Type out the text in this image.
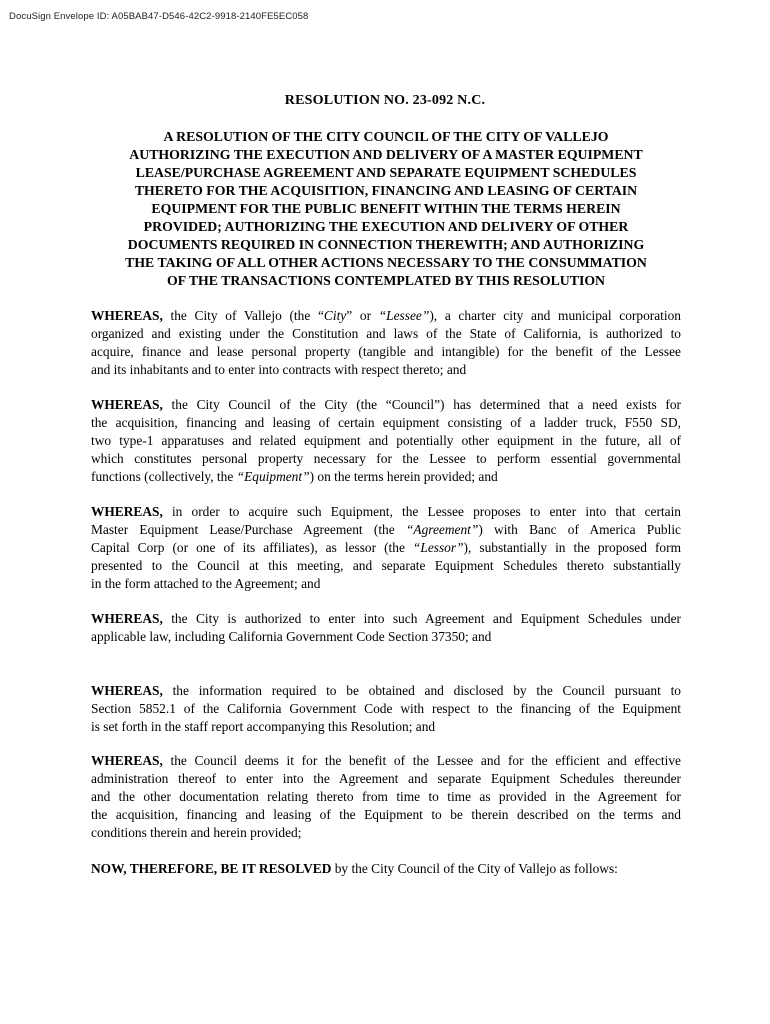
DocuSign Envelope ID: A05BAB47-D546-42C2-9918-2140FE5EC058
RESOLUTION NO. 23-092 N.C.
A RESOLUTION OF THE CITY COUNCIL OF THE CITY OF VALLEJO
AUTHORIZING THE EXECUTION AND DELIVERY OF A MASTER EQUIPMENT
LEASE/PURCHASE AGREEMENT AND SEPARATE EQUIPMENT SCHEDULES
THERETO FOR THE ACQUISITION, FINANCING AND LEASING OF CERTAIN
EQUIPMENT FOR THE PUBLIC BENEFIT WITHIN THE TERMS HEREIN
PROVIDED; AUTHORIZING THE EXECUTION AND DELIVERY OF OTHER
DOCUMENTS REQUIRED IN CONNECTION THEREWITH; AND AUTHORIZING
THE TAKING OF ALL OTHER ACTIONS NECESSARY TO THE CONSUMMATION
OF THE TRANSACTIONS CONTEMPLATED BY THIS RESOLUTION
WHEREAS, the City of Vallejo (the “City” or “Lessee”), a charter city and municipal corporation
organized and existing under the Constitution and laws of the State of California, is authorized to
acquire, finance and lease personal property (tangible and intangible) for the benefit of the Lessee
and its inhabitants and to enter into contracts with respect thereto; and
WHEREAS, the City Council of the City (the “Council”) has determined that a need exists for
the acquisition, financing and leasing of certain equipment consisting of a ladder truck, F550 SD,
two type-1 apparatuses and related equipment and potentially other equipment in the future, all of
which constitutes personal property necessary for the Lessee to perform essential governmental
functions (collectively, the “Equipment”) on the terms herein provided; and
WHEREAS, in order to acquire such Equipment, the Lessee proposes to enter into that certain
Master Equipment Lease/Purchase Agreement (the “Agreement”) with Banc of America Public
Capital Corp (or one of its affiliates), as lessor (the “Lessor”), substantially in the proposed form
presented to the Council at this meeting, and separate Equipment Schedules thereto substantially
in the form attached to the Agreement; and
WHEREAS, the City is authorized to enter into such Agreement and Equipment Schedules under
applicable law, including California Government Code Section 37350; and
WHEREAS, the information required to be obtained and disclosed by the Council pursuant to
Section 5852.1 of the California Government Code with respect to the financing of the Equipment
is set forth in the staff report accompanying this Resolution; and
WHEREAS, the Council deems it for the benefit of the Lessee and for the efficient and effective
administration thereof to enter into the Agreement and separate Equipment Schedules thereunder
and the other documentation relating thereto from time to time as provided in the Agreement for
the acquisition, financing and leasing of the Equipment to be therein described on the terms and
conditions therein and herein provided;
NOW, THEREFORE, BE IT RESOLVED by the City Council of the City of Vallejo as follows:
